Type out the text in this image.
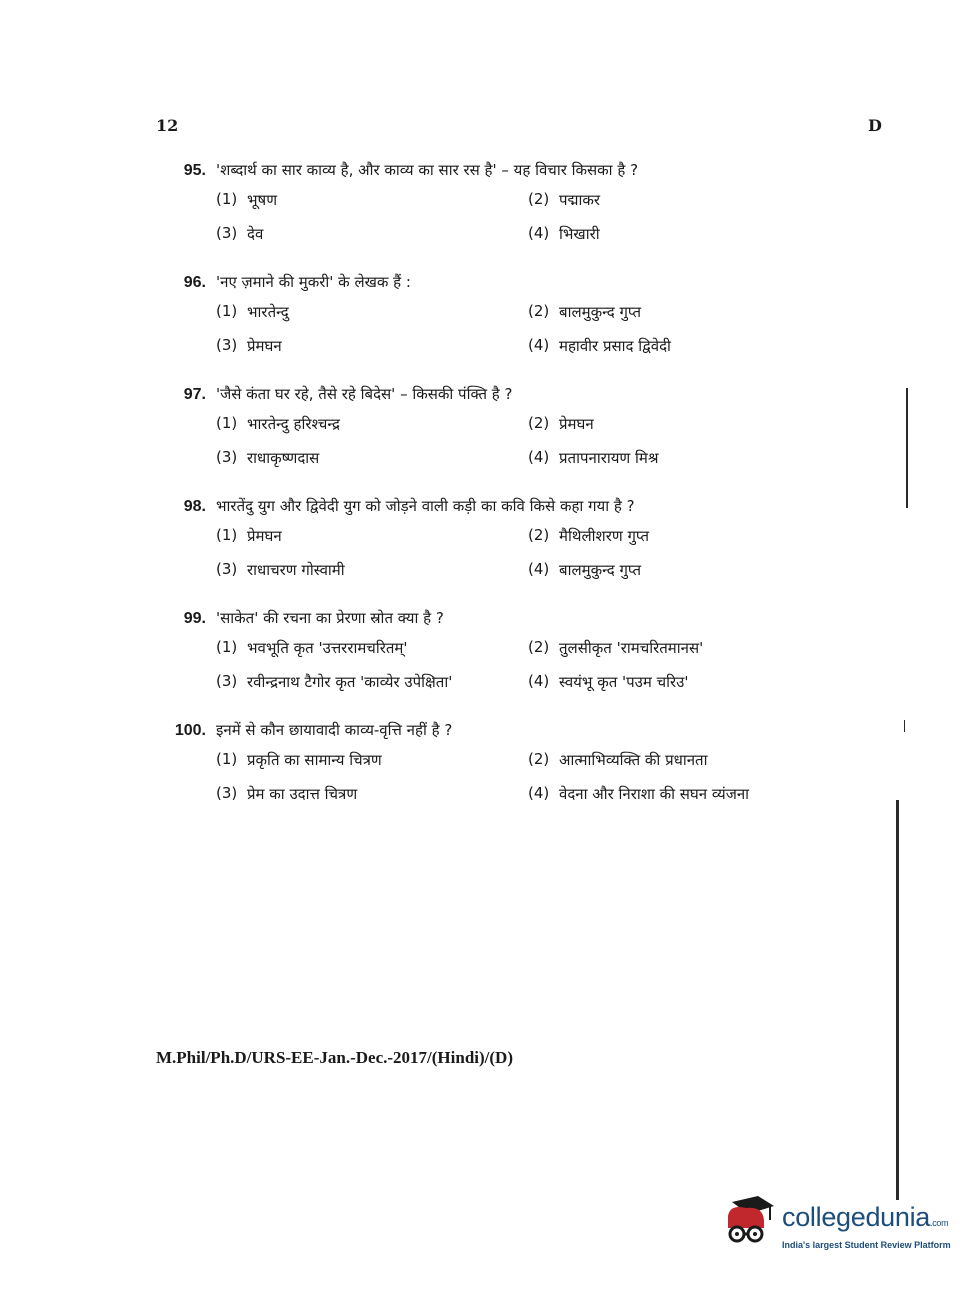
12	D
95. 'शब्दार्थ का सार काव्य है, और काव्य का सार रस है' – यह विचार किसका है ?
(1) भूषण	(2) पद्माकर
(3) देव	(4) भिखारी
96. 'नए ज़माने की मुकरी' के लेखक हैं :
(1) भारतेन्दु	(2) बालमुकुन्द गुप्त
(3) प्रेमघन	(4) महावीर प्रसाद द्विवेदी
97. 'जैसे कंता घर रहे, तैसे रहे बिदेस' – किसकी पंक्ति है ?
(1) भारतेन्दु हरिश्चन्द्र	(2) प्रेमघन
(3) राधाकृष्णदास	(4) प्रतापनारायण मिश्र
98. भारतेंदु युग और द्विवेदी युग को जोड़ने वाली कड़ी का कवि किसे कहा गया है ?
(1) प्रेमघन	(2) मैथिलीशरण गुप्त
(3) राधाचरण गोस्वामी	(4) बालमुकुन्द गुप्त
99. 'साकेत' की रचना का प्रेरणा स्रोत क्या है ?
(1) भवभूति कृत 'उत्तररामचरितम्'	(2) तुलसीकृत 'रामचरितमानस'
(3) रवीन्द्रनाथ टैगोर कृत 'काव्येर उपेक्षिता'	(4) स्वयंभू कृत 'पउम चरिउ'
100. इनमें से कौन छायावादी काव्य-वृत्ति नहीं है ?
(1) प्रकृति का सामान्य चित्रण	(2) आत्माभिव्यक्ति की प्रधानता
(3) प्रेम का उदात्त चित्रण	(4) वेदना और निराशा की सघन व्यंजना
M.Phil/Ph.D/URS-EE-Jan.-Dec.-2017/(Hindi)/(D)
collegedunia.com
India's largest Student Review Platform
